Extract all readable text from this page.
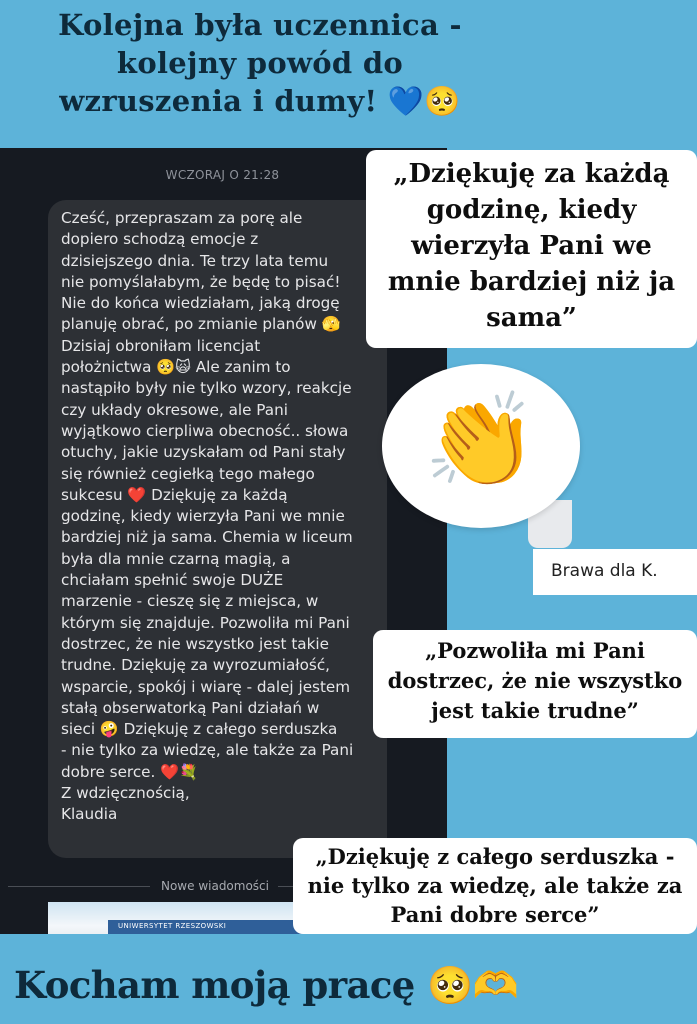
Kolejna była uczennica -
kolejny powód do
wzruszenia i dumy! 💙🥺
WCZORAJ O 21:28
Cześć, przepraszam za porę ale
dopiero schodzą emocje z
dzisiejszego dnia. Te trzy lata temu
nie pomyślałabym, że będę to pisać!
Nie do końca wiedziałam, jaką drogę
planuję obrać, po zmianie planów 🫣
Dzisiaj obroniłam licencjat
położnictwa 🥺🙀 Ale zanim to
nastąpiło były nie tylko wzory, reakcje
czy układy okresowe, ale Pani
wyjątkowo cierpliwa obecność.. słowa
otuchy, jakie uzyskałam od Pani stały
się również cegiełką tego małego
sukcesu ❤️ Dziękuję za każdą
godzinę, kiedy wierzyła Pani we mnie
bardziej niż ja sama. Chemia w liceum
była dla mnie czarną magią, a
chciałam spełnić swoje DUŻE
marzenie - cieszę się z miejsca, w
którym się znajduje. Pozwoliła mi Pani
dostrzec, że nie wszystko jest takie
trudne. Dziękuję za wyrozumiałość,
wsparcie, spokój i wiarę - dalej jestem
stałą obserwatorką Pani działań w
sieci 🤪 Dziękuję z całego serduszka
- nie tylko za wiedzę, ale także za Pani
dobre serce. ❤️💐
Z wdzięcznością,
Klaudia
Nowe wiadomości
UNIWERSYTET RZESZOWSKI
„Dziękuję za każdą
godzinę, kiedy
wierzyła Pani we
mnie bardziej niż ja
sama”
👏
Brawa dla K.
„Pozwoliła mi Pani
dostrzec, że nie wszystko
jest takie trudne”
„Dziękuję z całego serduszka -
nie tylko za wiedzę, ale także za
Pani dobre serce”
Kocham moją pracę 🥺🫶
